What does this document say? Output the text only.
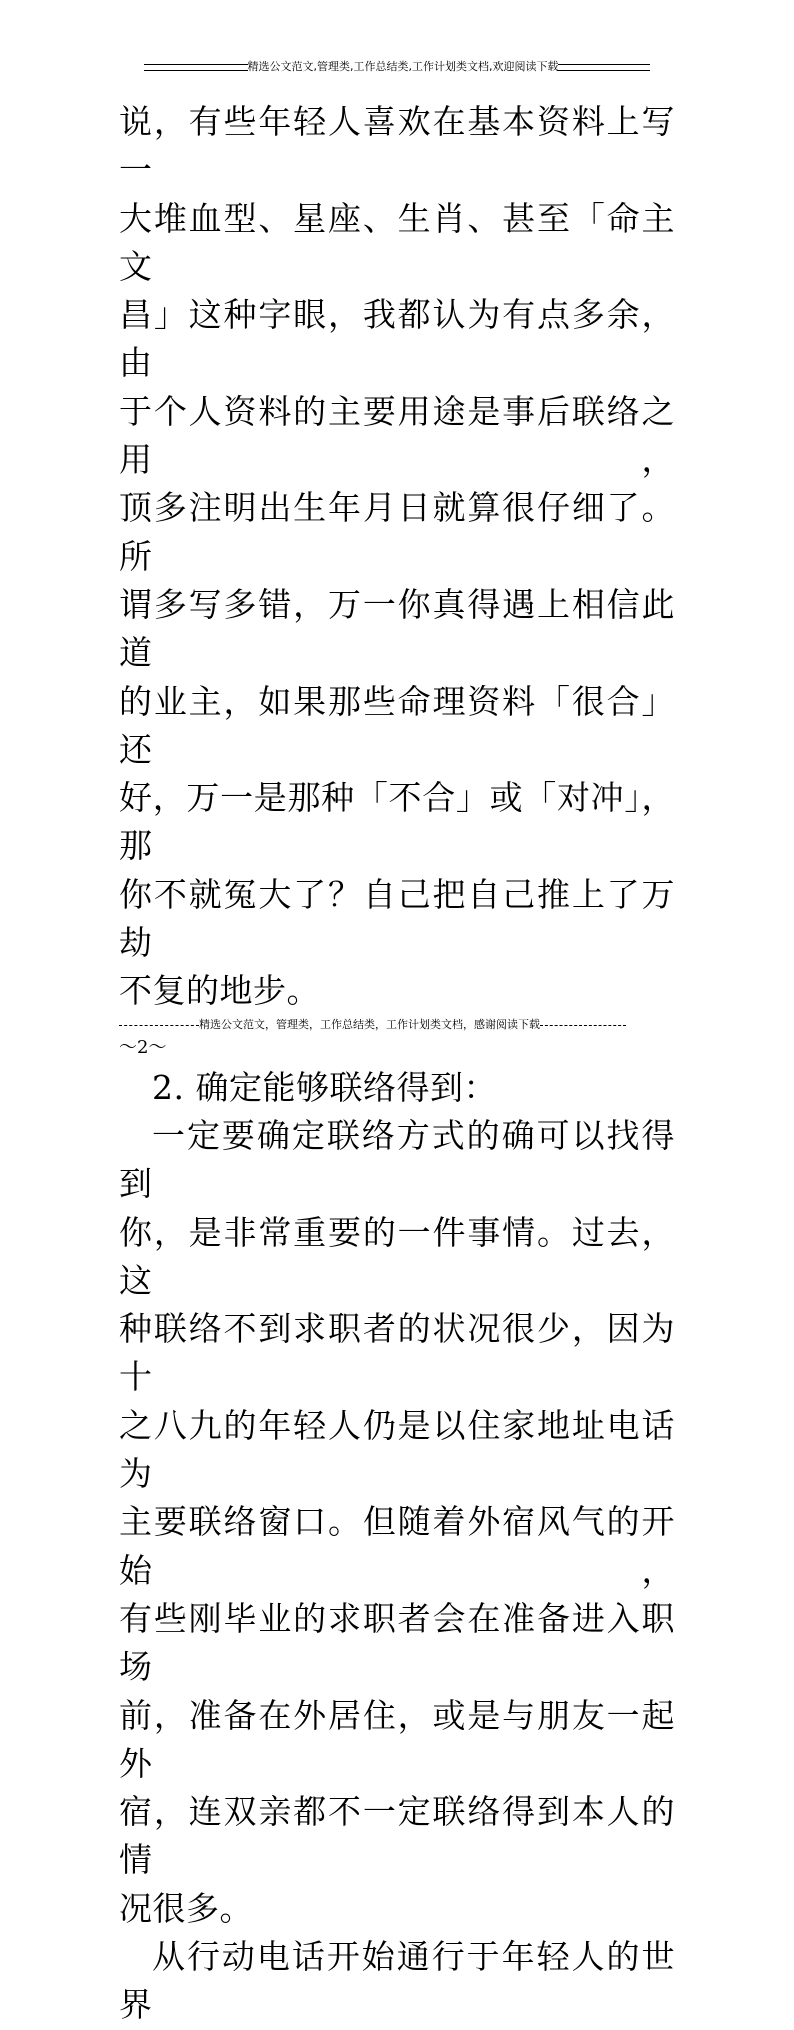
精选公文范文,管理类,工作总结类,工作计划类文档,欢迎阅读下载

说，有些年轻人喜欢在基本资料上写一

大堆血型、星座、生肖、甚至「命主文

昌」这种字眼，我都认为有点多余，由

于个人资料的主要用途是事后联络之用，

顶多注明出生年月日就算很仔细了。所

谓多写多错，万一你真得遇上相信此道

的业主，如果那些命理资料「很合」还

好，万一是那种「不合」或「对冲」，那

你不就冤大了？自己把自己推上了万劫

不复的地步。

2. 确定能够联络得到：

一定要确定联络方式的确可以找得到

你，是非常重要的一件事情。过去，这

种联络不到求职者的状况很少，因为十

之八九的年轻人仍是以住家地址电话为

主要联络窗口。但随着外宿风气的开始，

有些刚毕业的求职者会在准备进入职场

前，准备在外居住，或是与朋友一起外

宿，连双亲都不一定联络得到本人的情

况很多。

从行动电话开始通行于年轻人的世界

精选公文范文，管理类，工作总结类，工作计划类文档，感谢阅读下载
～2～
